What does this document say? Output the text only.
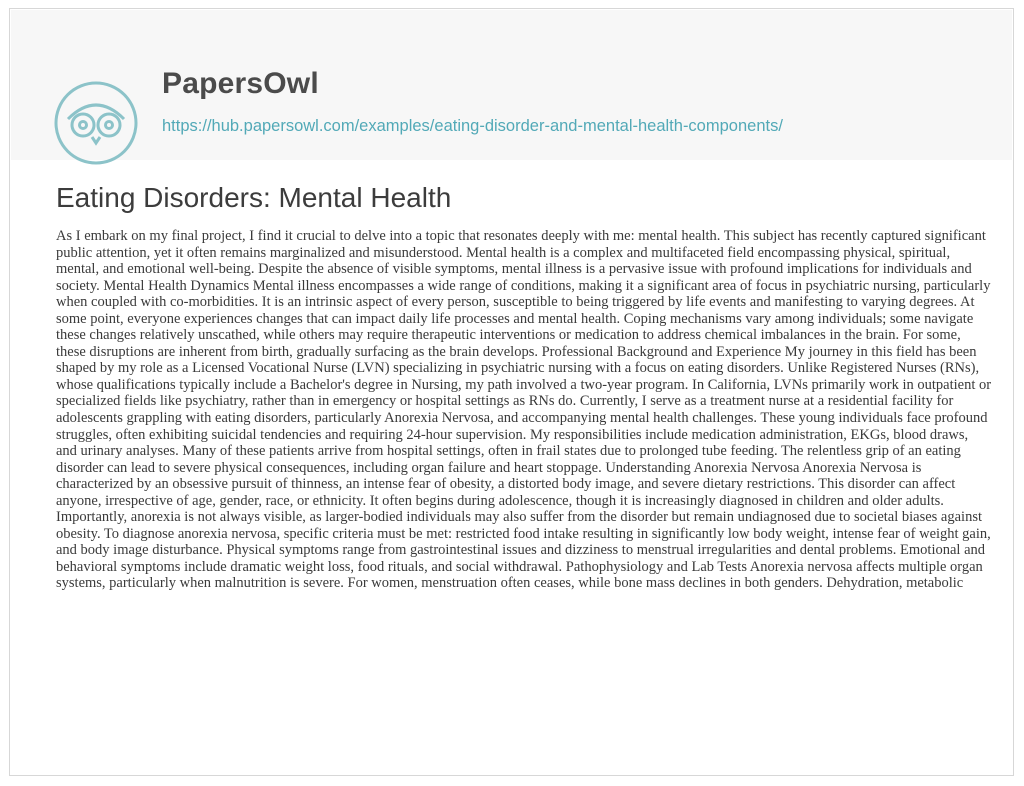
PapersOwl
https://hub.papersowl.com/examples/eating-disorder-and-mental-health-components/
Eating Disorders: Mental Health

As I embark on my final project, I find it crucial to delve into a topic that resonates deeply with me: mental health. This subject has recently captured significant public attention, yet it often remains marginalized and misunderstood. Mental health is a complex and multifaceted field encompassing physical, spiritual, mental, and emotional well-being. Despite the absence of visible symptoms, mental illness is a pervasive issue with profound implications for individuals and society. Mental Health Dynamics Mental illness encompasses a wide range of conditions, making it a significant area of focus in psychiatric nursing, particularly when coupled with co-morbidities. It is an intrinsic aspect of every person, susceptible to being triggered by life events and manifesting to varying degrees. At some point, everyone experiences changes that can impact daily life processes and mental health. Coping mechanisms vary among individuals; some navigate these changes relatively unscathed, while others may require therapeutic interventions or medication to address chemical imbalances in the brain. For some, these disruptions are inherent from birth, gradually surfacing as the brain develops. Professional Background and Experience My journey in this field has been shaped by my role as a Licensed Vocational Nurse (LVN) specializing in psychiatric nursing with a focus on eating disorders. Unlike Registered Nurses (RNs), whose qualifications typically include a Bachelor's degree in Nursing, my path involved a two-year program. In California, LVNs primarily work in outpatient or specialized fields like psychiatry, rather than in emergency or hospital settings as RNs do. Currently, I serve as a treatment nurse at a residential facility for adolescents grappling with eating disorders, particularly Anorexia Nervosa, and accompanying mental health challenges. These young individuals face profound struggles, often exhibiting suicidal tendencies and requiring 24-hour supervision. My responsibilities include medication administration, EKGs, blood draws, and urinary analyses. Many of these patients arrive from hospital settings, often in frail states due to prolonged tube feeding. The relentless grip of an eating disorder can lead to severe physical consequences, including organ failure and heart stoppage. Understanding Anorexia Nervosa Anorexia Nervosa is characterized by an obsessive pursuit of thinness, an intense fear of obesity, a distorted body image, and severe dietary restrictions. This disorder can affect anyone, irrespective of age, gender, race, or ethnicity. It often begins during adolescence, though it is increasingly diagnosed in children and older adults. Importantly, anorexia is not always visible, as larger-bodied individuals may also suffer from the disorder but remain undiagnosed due to societal biases against obesity. To diagnose anorexia nervosa, specific criteria must be met: restricted food intake resulting in significantly low body weight, intense fear of weight gain, and body image disturbance. Physical symptoms range from gastrointestinal issues and dizziness to menstrual irregularities and dental problems. Emotional and behavioral symptoms include dramatic weight loss, food rituals, and social withdrawal. Pathophysiology and Lab Tests Anorexia nervosa affects multiple organ systems, particularly when malnutrition is severe. For women, menstruation often ceases, while bone mass declines in both genders. Dehydration, metabolic
